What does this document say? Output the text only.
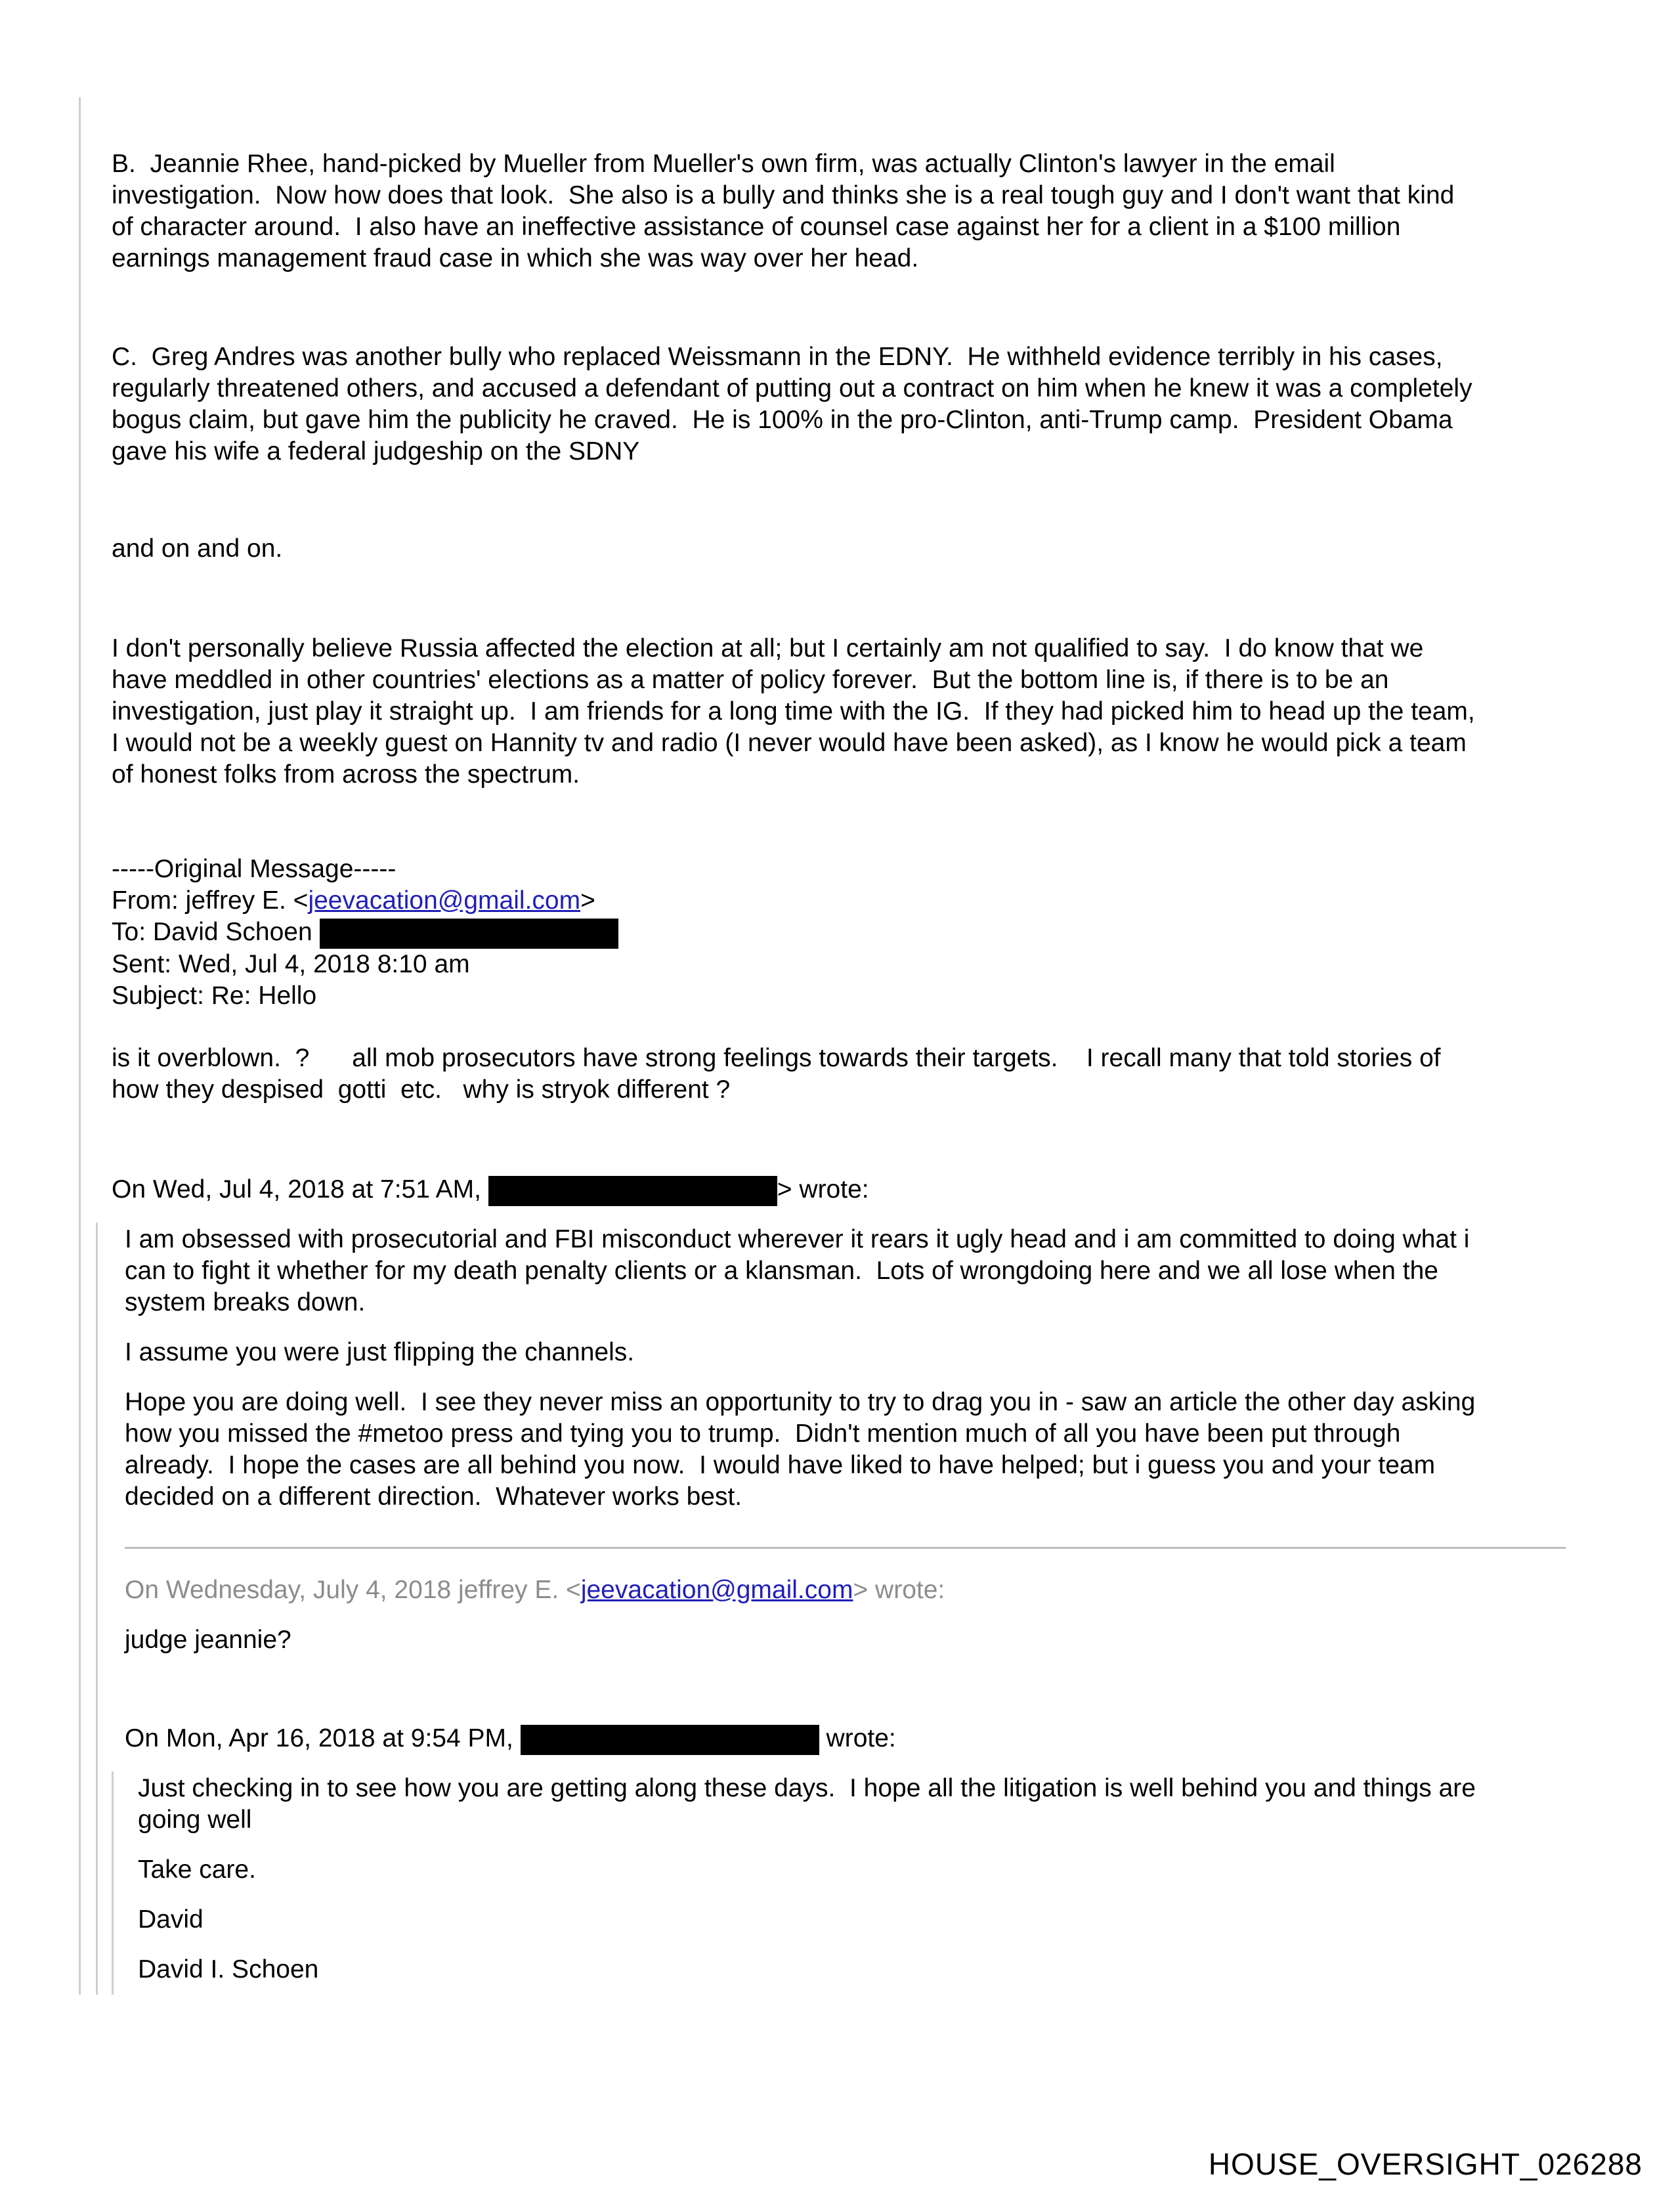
B.  Jeannie Rhee, hand-picked by Mueller from Mueller's own firm, was actually Clinton's lawyer in the email
investigation.  Now how does that look.  She also is a bully and thinks she is a real tough guy and I don't want that kind
of character around.  I also have an ineffective assistance of counsel case against her for a client in a $100 million
earnings management fraud case in which she was way over her head.
C.  Greg Andres was another bully who replaced Weissmann in the EDNY.  He withheld evidence terribly in his cases,
regularly threatened others, and accused a defendant of putting out a contract on him when he knew it was a completely
bogus claim, but gave him the publicity he craved.  He is 100% in the pro-Clinton, anti-Trump camp.  President Obama
gave his wife a federal judgeship on the SDNY
and on and on.
I don't personally believe Russia affected the election at all; but I certainly am not qualified to say.  I do know that we
have meddled in other countries' elections as a matter of policy forever.  But the bottom line is, if there is to be an
investigation, just play it straight up.  I am friends for a long time with the IG.  If they had picked him to head up the team,
I would not be a weekly guest on Hannity tv and radio (I never would have been asked), as I know he would pick a team
of honest folks from across the spectrum.
-----Original Message-----
From: jeffrey E. <jeevacation@gmail.com>
To: David Schoen
Sent: Wed, Jul 4, 2018 8:10 am
Subject: Re: Hello
is it overblown.  ?      all mob prosecutors have strong feelings towards their targets.    I recall many that told stories of
how they despised  gotti  etc.   why is stryok different ?
On Wed, Jul 4, 2018 at 7:51 AM,	> wrote:
I am obsessed with prosecutorial and FBI misconduct wherever it rears it ugly head and i am committed to doing what i
can to fight it whether for my death penalty clients or a klansman.  Lots of wrongdoing here and we all lose when the
system breaks down.
I assume you were just flipping the channels.
Hope you are doing well.  I see they never miss an opportunity to try to drag you in - saw an article the other day asking
how you missed the #metoo press and tying you to trump.  Didn't mention much of all you have been put through
already.  I hope the cases are all behind you now.  I would have liked to have helped; but i guess you and your team
decided on a different direction.  Whatever works best.
On Wednesday, July 4, 2018 jeffrey E. <jeevacation@gmail.com> wrote:
judge jeannie?
On Mon, Apr 16, 2018 at 9:54 PM,	wrote:
Just checking in to see how you are getting along these days.  I hope all the litigation is well behind you and things are
going well
Take care.
David
David I. Schoen
HOUSE_OVERSIGHT_026288
